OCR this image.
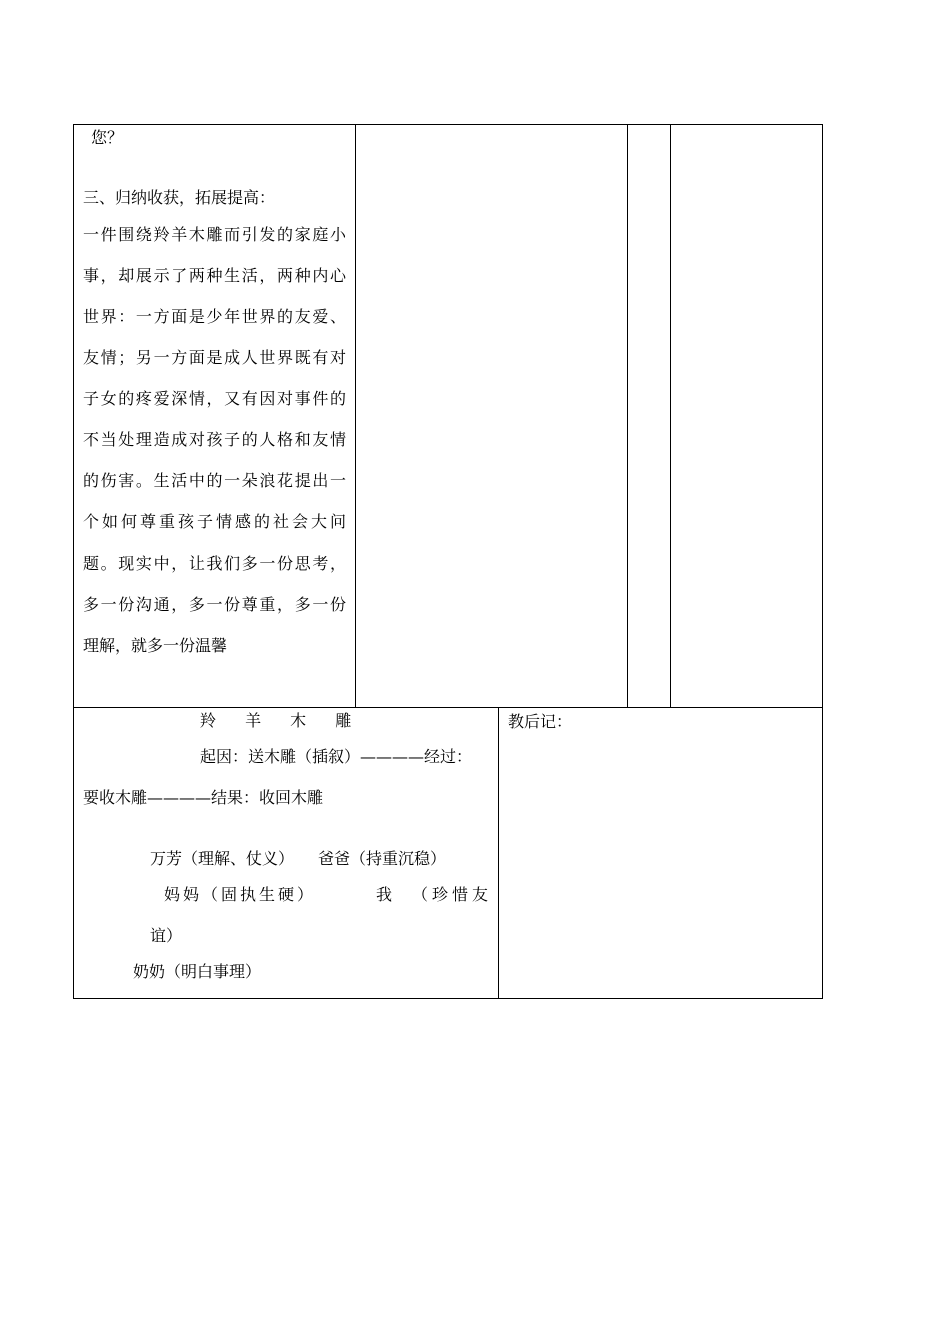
您？
三、归纳收获，拓展提高：
一件围绕羚羊木雕而引发的家庭小
事，却展示了两种生活，两种内心
世界：一方面是少年世界的友爱、
友情；另一方面是成人世界既有对
子女的疼爱深情，又有因对事件的
不当处理造成对孩子的人格和友情
的伤害。生活中的一朵浪花提出一
个如何尊重孩子情感的社会大问
题。现实中，让我们多一份思考，
多一份沟通，多一份尊重，多一份
理解，就多一份温馨
羚 羊 木 雕
起因：送木雕（插叙）————经过：
要收木雕————结果：收回木雕
万芳（理解、仗义） 爸爸（持重沉稳）
妈妈（固执生硬）	我 （珍惜友
谊）
奶奶（明白事理）
教后记：
